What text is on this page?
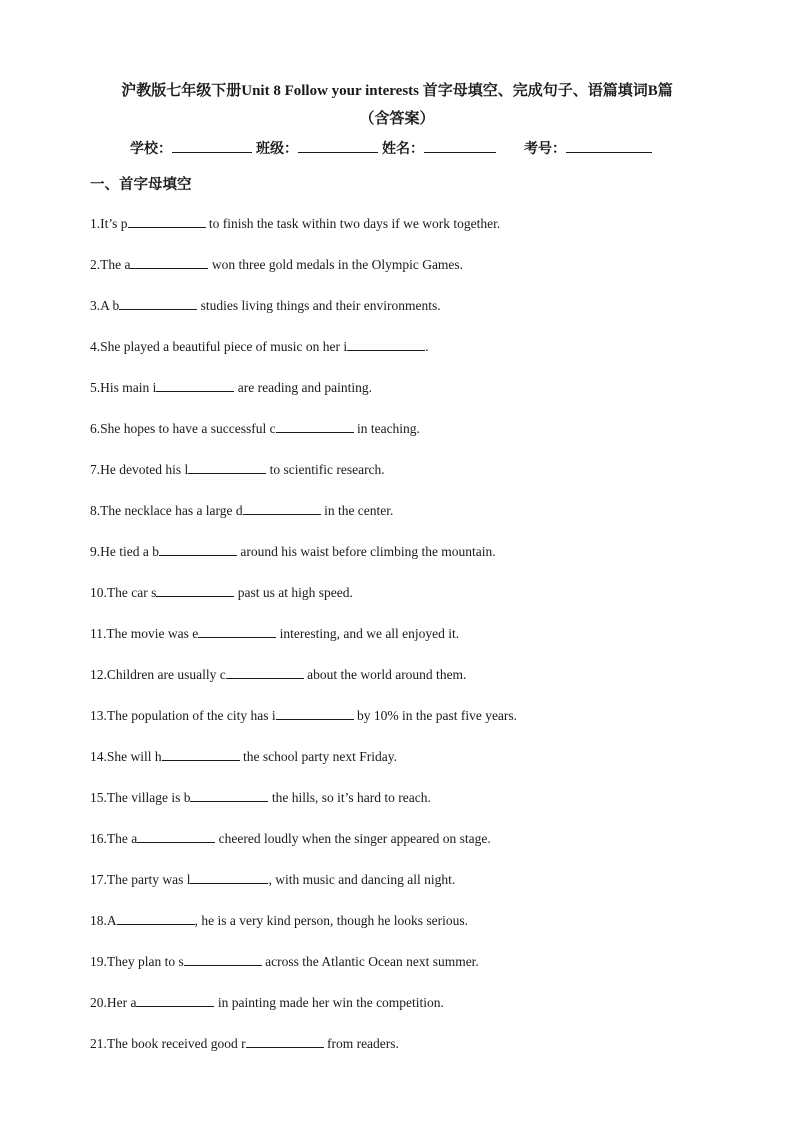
沪教版七年级下册Unit 8 Follow your interests 首字母填空、完成句子、语篇填词B篇
（含答案）
学校：	班级：	姓名：	考号：
一、首字母填空
1.It’s p	to finish the task within two days if we work together.
2.The a	won three gold medals in the Olympic Games.
3.A b	studies living things and their environments.
4.She played a beautiful piece of music on her i	.
5.His main i	are reading and painting.
6.She hopes to have a successful c	in teaching.
7.He devoted his l	to scientific research.
8.The necklace has a large d	in the center.
9.He tied a b	around his waist before climbing the mountain.
10.The car s	past us at high speed.
11.The movie was e	interesting, and we all enjoyed it.
12.Children are usually c	about the world around them.
13.The population of the city has i	by 10% in the past five years.
14.She will h	the school party next Friday.
15.The village is b	the hills, so it’s hard to reach.
16.The a	cheered loudly when the singer appeared on stage.
17.The party was l	, with music and dancing all night.
18.A	, he is a very kind person, though he looks serious.
19.They plan to s	across the Atlantic Ocean next summer.
20.Her a	in painting made her win the competition.
21.The book received good r	from readers.
